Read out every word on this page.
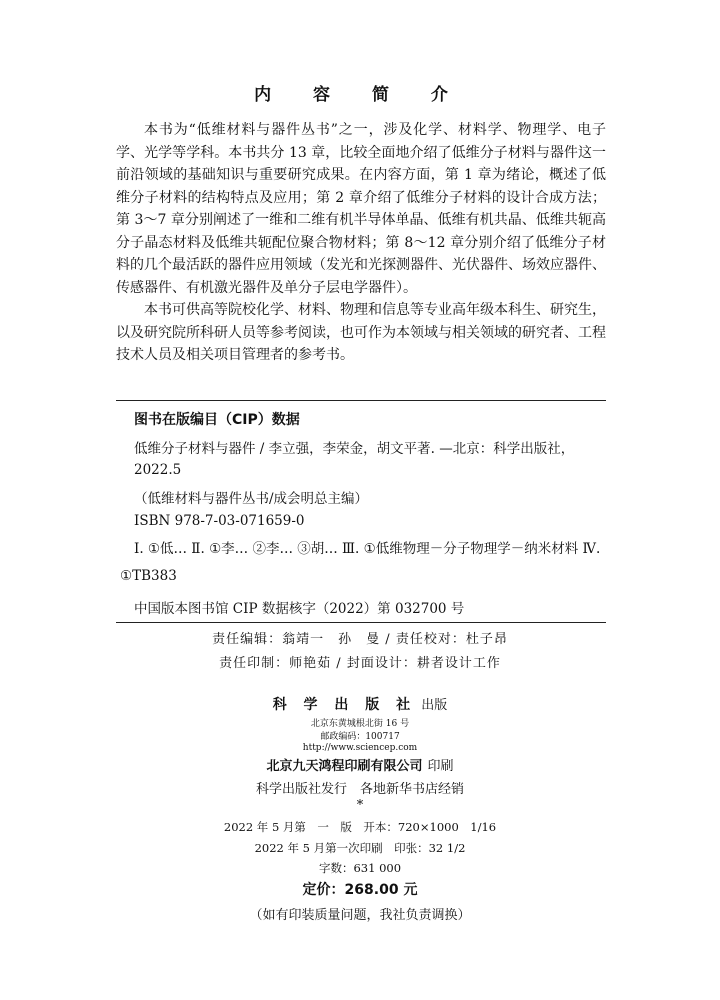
内 容 简 介

本书为“低维材料与器件丛书”之一，涉及化学、材料学、物理学、电子学、光学等学科。本书共分 13 章，比较全面地介绍了低维分子材料与器件这一前沿领域的基础知识与重要研究成果。在内容方面，第 1 章为绪论，概述了低维分子材料的结构特点及应用；第 2 章介绍了低维分子材料的设计合成方法；第 3～7 章分别阐述了一维和二维有机半导体单晶、低维有机共晶、低维共轭高分子晶态材料及低维共轭配位聚合物材料；第 8～12 章分别介绍了低维分子材料的几个最活跃的器件应用领域（发光和光探测器件、光伏器件、场效应器件、传感器件、有机激光器件及单分子层电学器件）。

本书可供高等院校化学、材料、物理和信息等专业高年级本科生、研究生，以及研究院所科研人员等参考阅读，也可作为本领域与相关领域的研究者、工程技术人员及相关项目管理者的参考书。

图书在版编目（CIP）数据
低维分子材料与器件 / 李立强，李荣金，胡文平著. —北京：科学出版社，
2022.5
（低维材料与器件丛书/成会明总主编）
ISBN 978-7-03-071659-0
Ⅰ. ①低… Ⅱ. ①李… ②李… ③胡… Ⅲ. ①低维物理－分子物理学－纳米材料 Ⅳ. ①TB383
中国版本图书馆 CIP 数据核字（2022）第 032700 号
责任编辑：翁靖一　孙　曼 / 责任校对：杜子昂
责任印制：师艳茹 / 封面设计：耕者设计工作
科 学 出 版 社 出版
北京东黄城根北街 16 号
邮政编码：100717
http://www.sciencep.com
北京九天鸿程印刷有限公司 印刷
科学出版社发行　各地新华书店经销
*
2022 年 5 月第　一　版　开本：720×1000　1/16
2022 年 5 月第一次印刷　印张：32 1/2
字数：631 000
定价：268.00 元
（如有印装质量问题，我社负责调换）
